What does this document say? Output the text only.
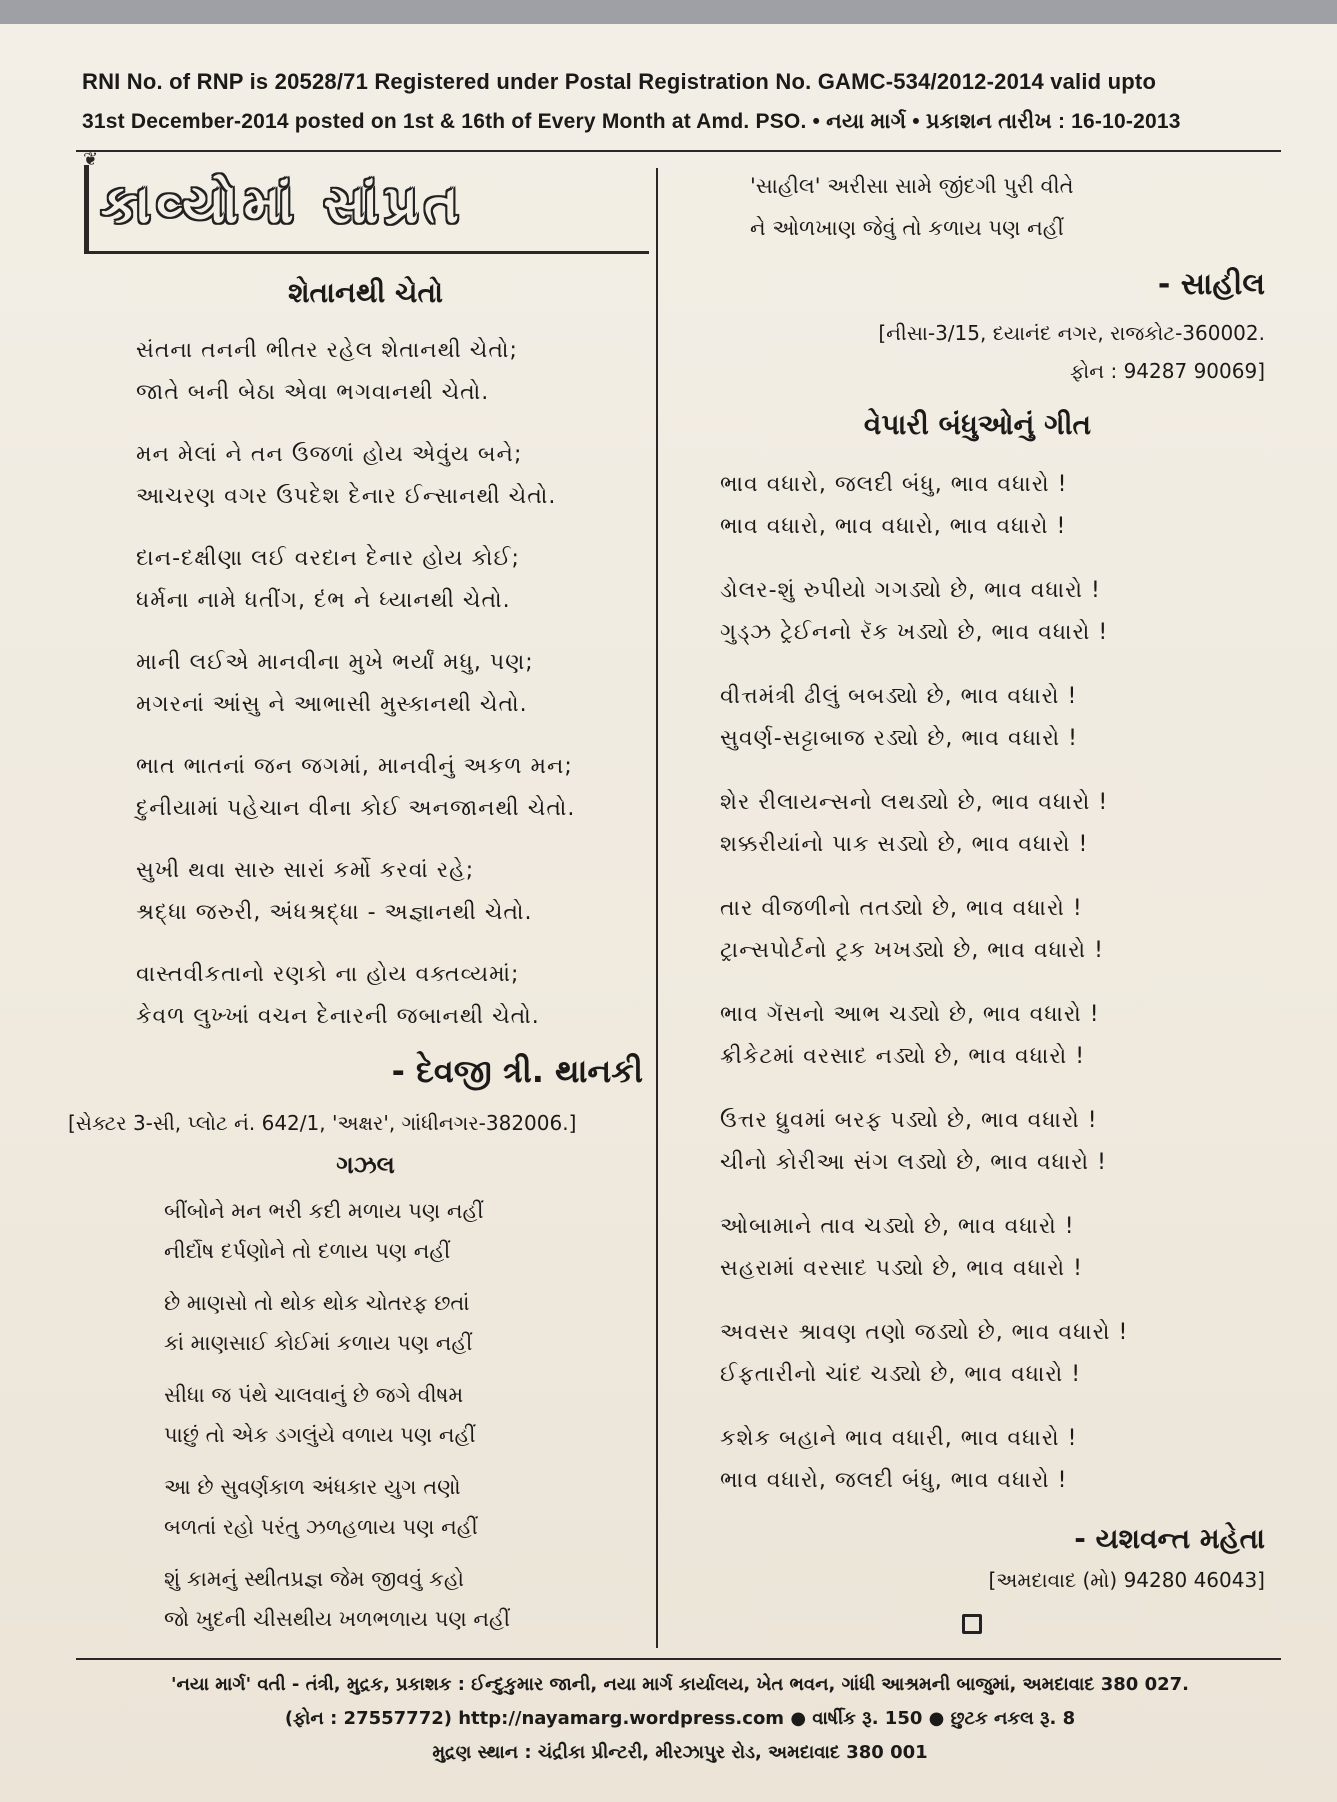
RNI No. of RNP is 20528/71 Registered under Postal Registration No. GAMC-534/2012-2014 valid upto
31st December-2014 posted on 1st & 16th of Every Month at Amd. PSO. • નયા માર્ગ • પ્રકાશન તારીખ : 16-10-2013
❦
કાવ્યોમાં સાંપ્રત
શેતાનથી ચેતો
સંતના તનની ભીતર રહેલ શેતાનથી ચેતો;
જાતે બની બેઠા એવા ભગવાનથી ચેતો.
મન મેલાં ને તન ઉજળાં હોય એવુંય બને;
આચરણ વગર ઉપદેશ દેનાર ઈન્સાનથી ચેતો.
દાન-દક્ષીણા લઈ વરદાન દેનાર હોય કોઈ;
ધર્મના નામે ધતીંગ, દંભ ને ધ્યાનથી ચેતો.
માની લઈએ માનવીના મુખે ભર્યાં મધુ, પણ;
મગરનાં આંસુ ને આભાસી મુસ્કાનથી ચેતો.
ભાત ભાતનાં જન જગમાં, માનવીનું અકળ મન;
દુનીયામાં પહેચાન વીના કોઈ અનજાનથી ચેતો.
સુખી થવા સારુ સારાં કર્મો કરવાં રહે;
શ્રદ્ધા જરુરી, અંધશ્રદ્ધા - અજ્ઞાનથી ચેતો.
વાસ્તવીકતાનો રણકો ના હોય વક્તવ્યમાં;
કેવળ લુખ્ખાં વચન દેનારની જબાનથી ચેતો.
- દેવજી ત્રી. થાનકી
[સેક્ટર 3-સી, પ્લોટ નં. 642/1, 'અક્ષર', ગાંધીનગર-382006.]
ગઝલ
બીંબોને મન ભરી કદી મળાય પણ નહીં
નીર્દોષ દર્પણોને તો દળાય પણ નહીં
છે માણસો તો થોક થોક ચોતરફ છતાં
કાં માણસાઈ કોઈમાં કળાય પણ નહીં
સીધા જ પંથે ચાલવાનું છે જગે વીષમ
પાછું તો એક ડગલુંયે વળાય પણ નહીં
આ છે સુવર્ણકાળ અંધકાર યુગ તણો
બળતાં રહો પરંતુ ઝળહળાય પણ નહીં
શું કામનું સ્થીતપ્રજ્ઞ જેમ જીવવું કહો
જો ખુદની ચીસથીય ખળભળાય પણ નહીં
'સાહીલ' અરીસા સામે જીંદગી પુરી વીતે
ને ઓળખાણ જેવું તો કળાય પણ નહીં
- સાહીલ
[નીસા-3/15, દયાનંદ નગર, રાજકોટ-360002.
ફોન : 94287 90069]
વેપારી બંધુઓનું ગીત
ભાવ વધારો, જલદી બંધુ, ભાવ વધારો !
ભાવ વધારો, ભાવ વધારો, ભાવ વધારો !
ડોલર-શું રુપીયો ગગડ્યો છે, ભાવ વધારો !
ગુડ્ઝ ટ્રેઈનનો રૅક ખડ્યો છે, ભાવ વધારો !
વીત્તમંત્રી ઢીલું બબડ્યો છે, ભાવ વધારો !
સુવર્ણ-સટ્ટાબાજ રડ્યો છે, ભાવ વધારો !
શેર રીલાયન્સનો લથડ્યો છે, ભાવ વધારો !
શક્કરીયાંનો પાક સડ્યો છે, ભાવ વધારો !
તાર વીજળીનો તતડ્યો છે, ભાવ વધારો !
ટ્રાન્સપોર્ટનો ટ્રક ખખડ્યો છે, ભાવ વધારો !
ભાવ ગૅસનો આભ ચડ્યો છે, ભાવ વધારો !
ક્રીકેટમાં વરસાદ નડ્યો છે, ભાવ વધારો !
ઉત્તર ધ્રુવમાં બરફ પડ્યો છે, ભાવ વધારો !
ચીનો કોરીઆ સંગ લડ્યો છે, ભાવ વધારો !
ઓબામાને તાવ ચડ્યો છે, ભાવ વધારો !
સહરામાં વરસાદ પડ્યો છે, ભાવ વધારો !
અવસર શ્રાવણ તણો જડ્યો છે, ભાવ વધારો !
ઈફતારીનો ચાંદ ચડ્યો છે, ભાવ વધારો !
કશેક બહાને ભાવ વધારી, ભાવ વધારો !
ભાવ વધારો, જલદી બંધુ, ભાવ વધારો !
- યશવન્ત મહેતા
[અમદાવાદ (મો) 94280 46043]
'નયા માર્ગ' વતી - તંત્રી, મુદ્રક, પ્રકાશક : ઈન્દુકુમાર જાની, નયા માર્ગ કાર્યાલય, ખેત ભવન, ગાંધી આશ્રમની બાજુમાં, અમદાવાદ 380 027.
(ફોન : 27557772) http://nayamarg.wordpress.com ● વાર્ષીક રૂ. 150 ● છુટક નકલ રૂ. 8
મુદ્રણ સ્થાન : ચંદ્રીકા પ્રીન્ટરી, મીરઝાપુર રોડ, અમદાવાદ 380 001
